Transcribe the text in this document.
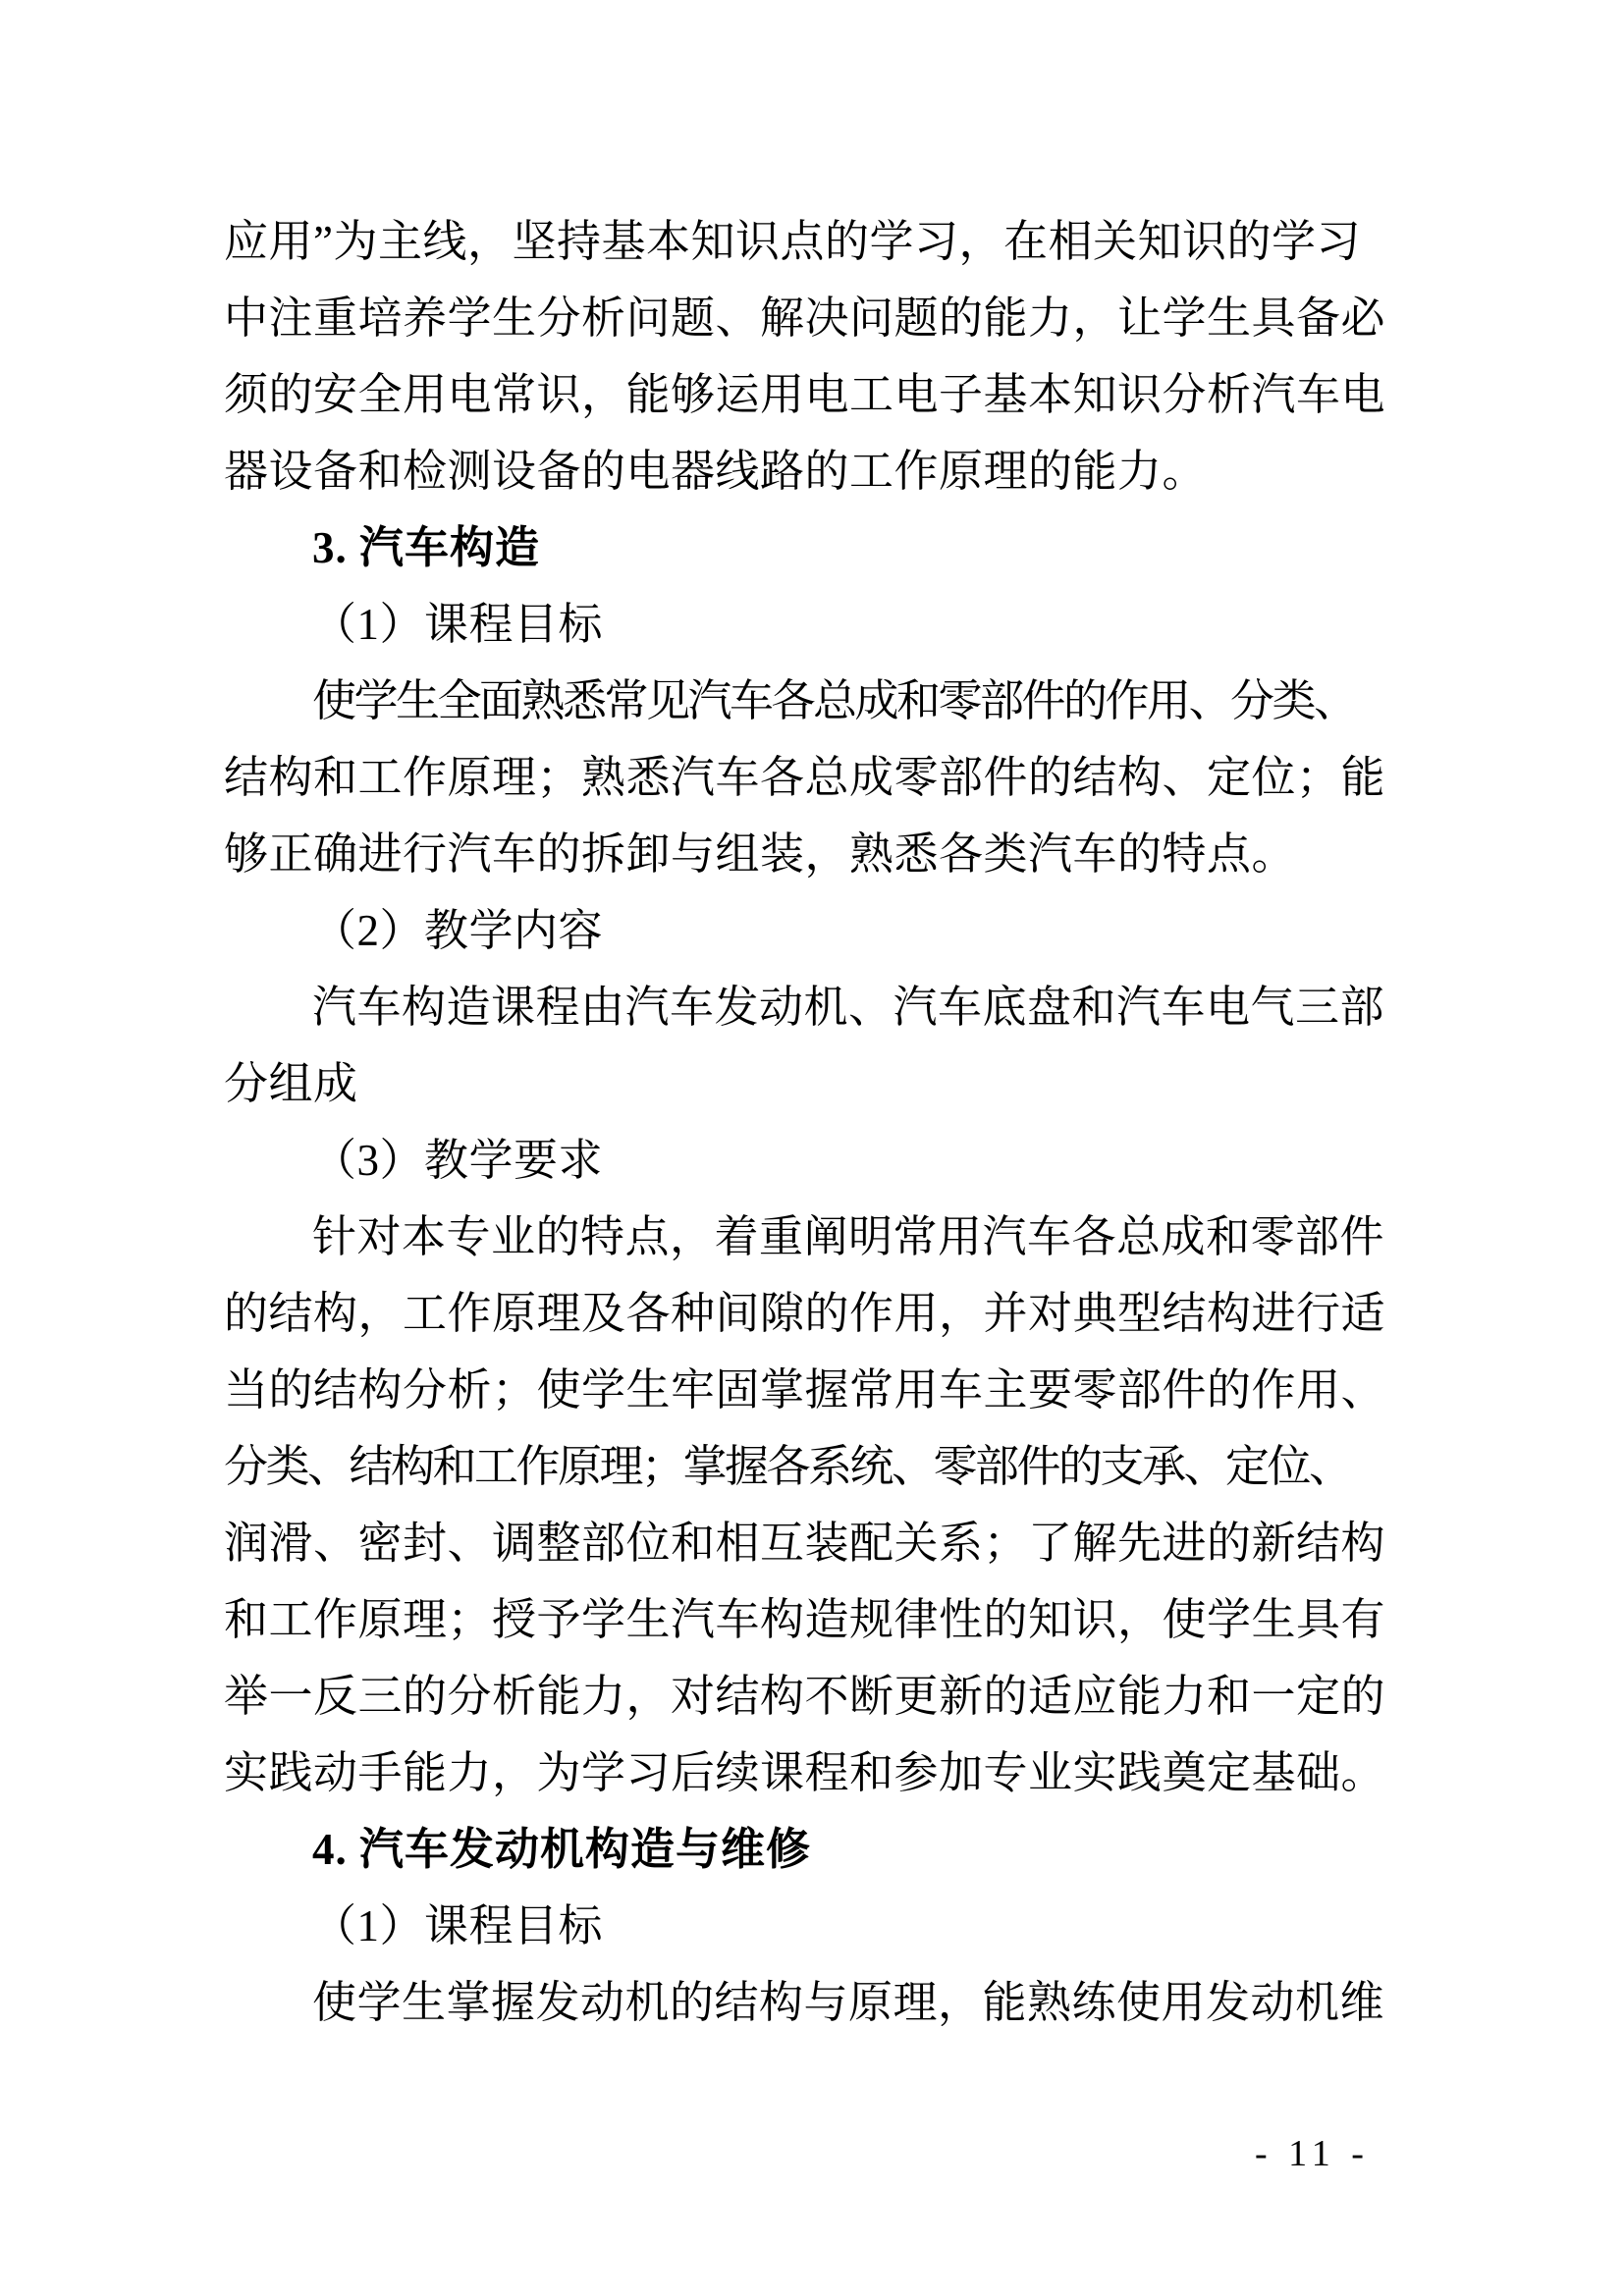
应用”为主线，坚持基本知识点的学习，在相关知识的学习
中注重培养学生分析问题、解决问题的能力，让学生具备必
须的安全用电常识，能够运用电工电子基本知识分析汽车电
器设备和检测设备的电器线路的工作原理的能力。
3. 汽车构造
（1）课程目标
使学生全面熟悉常见汽车各总成和零部件的作用、分类、
结构和工作原理；熟悉汽车各总成零部件的结构、定位；能
够正确进行汽车的拆卸与组装，熟悉各类汽车的特点。
（2）教学内容
汽车构造课程由汽车发动机、汽车底盘和汽车电气三部
分组成
（3）教学要求
针对本专业的特点，着重阐明常用汽车各总成和零部件
的结构，工作原理及各种间隙的作用，并对典型结构进行适
当的结构分析；使学生牢固掌握常用车主要零部件的作用、
分类、结构和工作原理；掌握各系统、零部件的支承、定位、
润滑、密封、调整部位和相互装配关系；了解先进的新结构
和工作原理；授予学生汽车构造规律性的知识，使学生具有
举一反三的分析能力，对结构不断更新的适应能力和一定的
实践动手能力，为学习后续课程和参加专业实践奠定基础。
4. 汽车发动机构造与维修
（1）课程目标
使学生掌握发动机的结构与原理，能熟练使用发动机维
- 11 -
